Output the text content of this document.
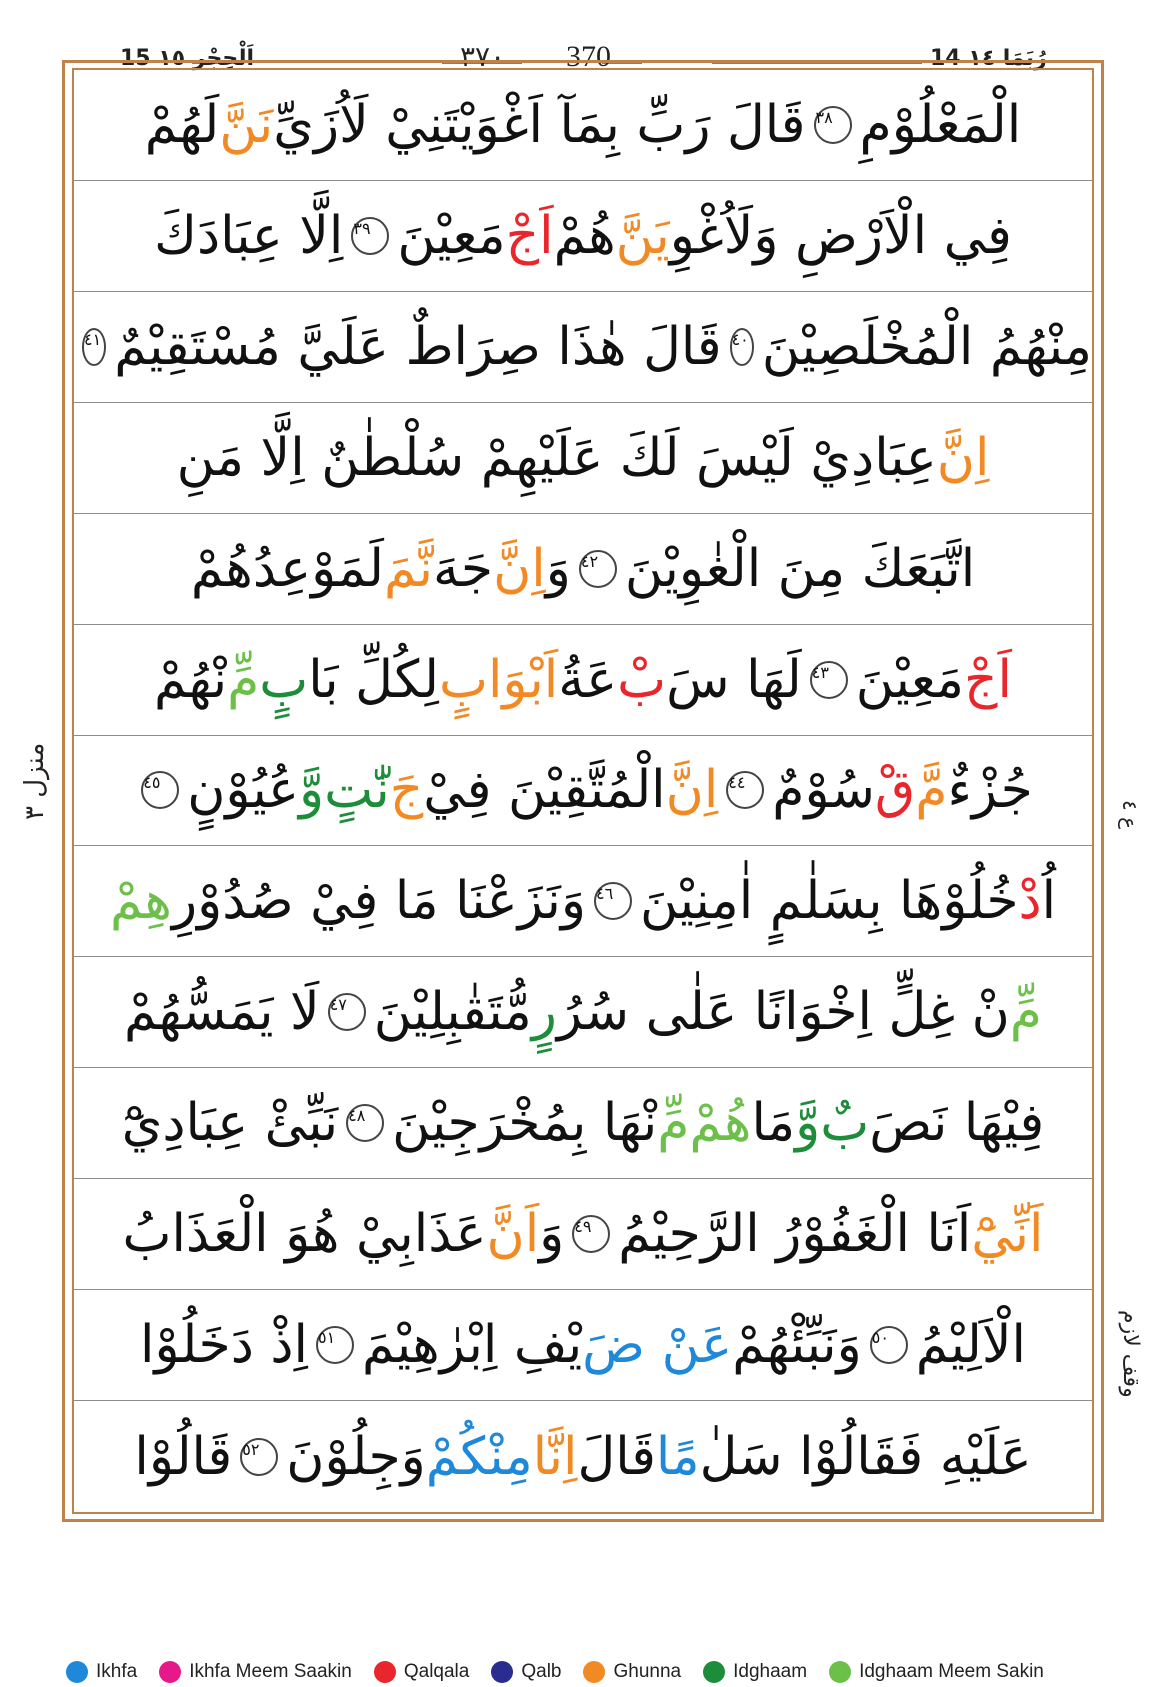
15 اَلْحِجْر ١٥	٣٧٠ 370	14 رُبَمَا ١٤
الْمَعْلُوْمِ
٣٨
قَالَ رَبِّ بِمَآ اَغْوَيْتَنِيْ لَاُزَيِّ
نَنَّ
لَهُمْ
فِي الْاَرْضِ وَلَاُغْوِ
يَنَّ
هُمْ
اَجْ
مَعِيْنَ
٣٩
اِلَّا عِبَادَكَ
مِنْهُمُ الْمُخْلَصِيْنَ
٤٠
قَالَ هٰذَا صِرَاطٌ عَلَيَّ مُسْتَقِيْمٌ
٤١
اِنَّ
عِبَادِيْ لَيْسَ لَكَ عَلَيْهِمْ سُلْطٰنٌ اِلَّا مَنِ
اتَّبَعَكَ مِنَ الْغٰوِيْنَ
٤٢
وَ
اِنَّ
جَهَ
نَّمَ
لَمَوْعِدُهُمْ
اَجْ
مَعِيْنَ
٤٣
لَهَا سَ
بْ
عَةُ
اَبْوَابٍ
لِكُلِّ بَا
بٍ
مِّ
نْهُمْ
جُزْءٌ
مَّ
قْ
سُوْمٌ
٤٤
اِنَّ
الْمُتَّقِيْنَ فِيْ
جَ
نّٰتٍ
وَّ
عُيُوْنٍ
٤٥
اُ
دْ
خُلُوْهَا بِسَلٰمٍ اٰمِنِيْنَ
٤٦
وَنَزَعْنَا مَا فِيْ صُدُوْرِ
هِمْ
مِّ
نْ غِلٍّ اِخْوَانًا عَلٰى سُرُ
رٍ
مُّتَقٰبِلِيْنَ
٤٧
لَا يَمَسُّهُمْ
فِيْهَا نَصَ
بٌ
وَّ
مَا
هُمْ
مِّ
نْهَا بِمُخْرَجِيْنَ
٤٨
نَبِّئْ عِبَادِيْٓ
اَنِّيْٓ
اَنَا الْغَفُوْرُ الرَّحِيْمُ
٤٩
وَ
اَنَّ
عَذَابِيْ هُوَ الْعَذَابُ
الْاَلِيْمُ
٥٠
وَنَبِّئْهُمْ
عَنْ ضَ
يْفِ اِبْرٰهِيْمَ
٥١
اِذْ دَخَلُوْا
عَلَيْهِ فَقَالُوْا سَلٰ
مًا
قَالَ
اِنَّا
مِنْكُمْ
وَجِلُوْنَ
٥٢
قَالُوْا
منزل ٣	ع ٤
وقف لازم
Ikhfa	Ikhfa Meem Saakin	Qalqala	Qalb	Ghunna	Idghaam	Idghaam Meem Sakin
